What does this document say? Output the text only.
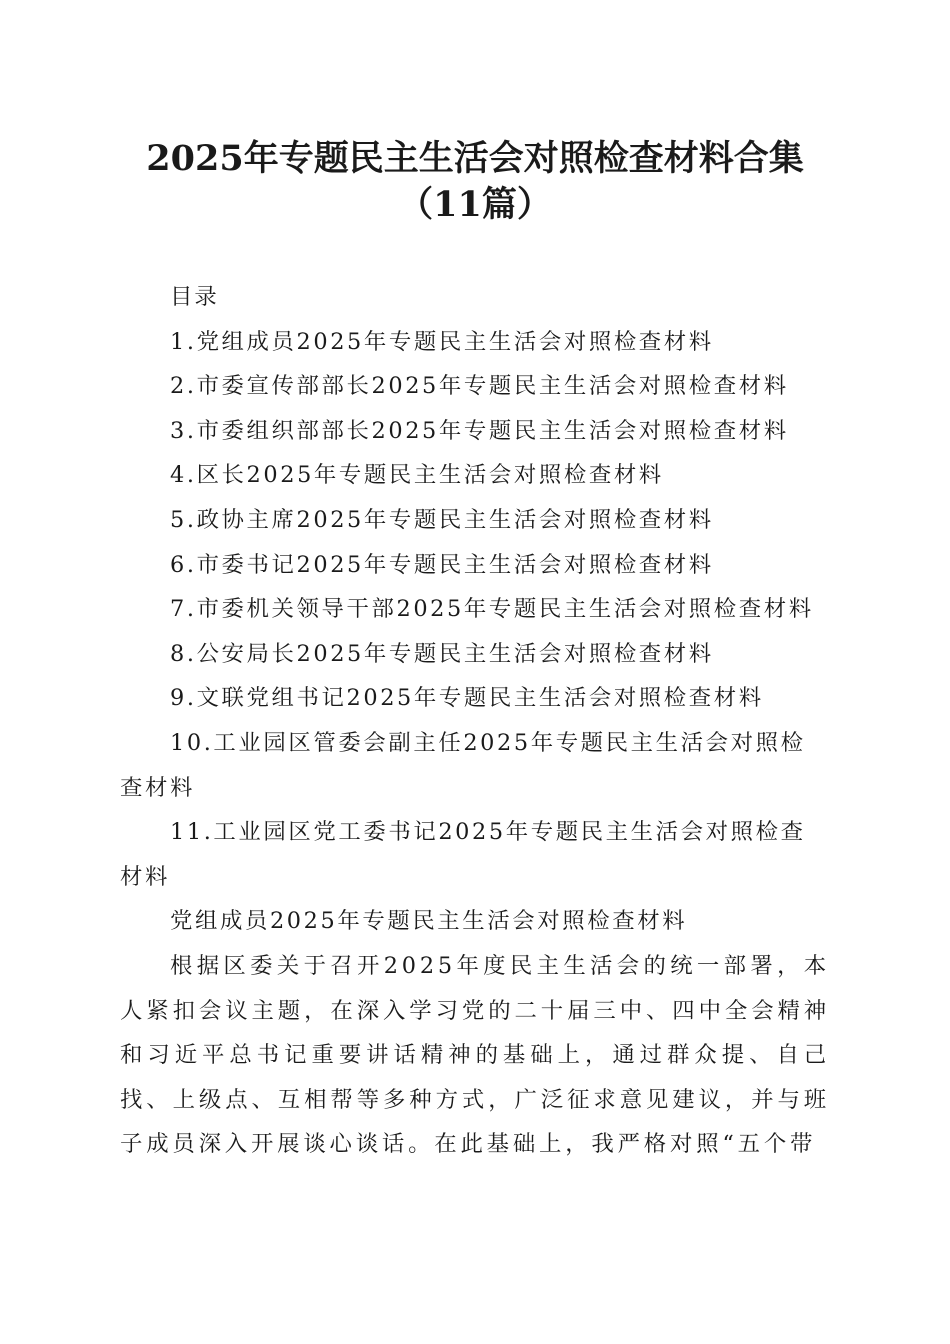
2025年专题民主生活会对照检查材料合集
（11篇）

目录

1.党组成员2025年专题民主生活会对照检查材料

2.市委宣传部部长2025年专题民主生活会对照检查材料

3.市委组织部部长2025年专题民主生活会对照检查材料

4.区长2025年专题民主生活会对照检查材料

5.政协主席2025年专题民主生活会对照检查材料

6.市委书记2025年专题民主生活会对照检查材料

7.市委机关领导干部2025年专题民主生活会对照检查材料

8.公安局长2025年专题民主生活会对照检查材料

9.文联党组书记2025年专题民主生活会对照检查材料

10.工业园区管委会副主任2025年专题民主生活会对照检查材料

11.工业园区党工委书记2025年专题民主生活会对照检查材料

党组成员2025年专题民主生活会对照检查材料

根据区委关于召开2025年度民主生活会的统一部署，本人紧扣会议主题，在深入学习党的二十届三中、四中全会精神和习近平总书记重要讲话精神的基础上，通过群众提、自己找、上级点、互相帮等多种方式，广泛征求意见建议，并与班子成员深入开展谈心谈话。在此基础上，我严格对照“五个带
